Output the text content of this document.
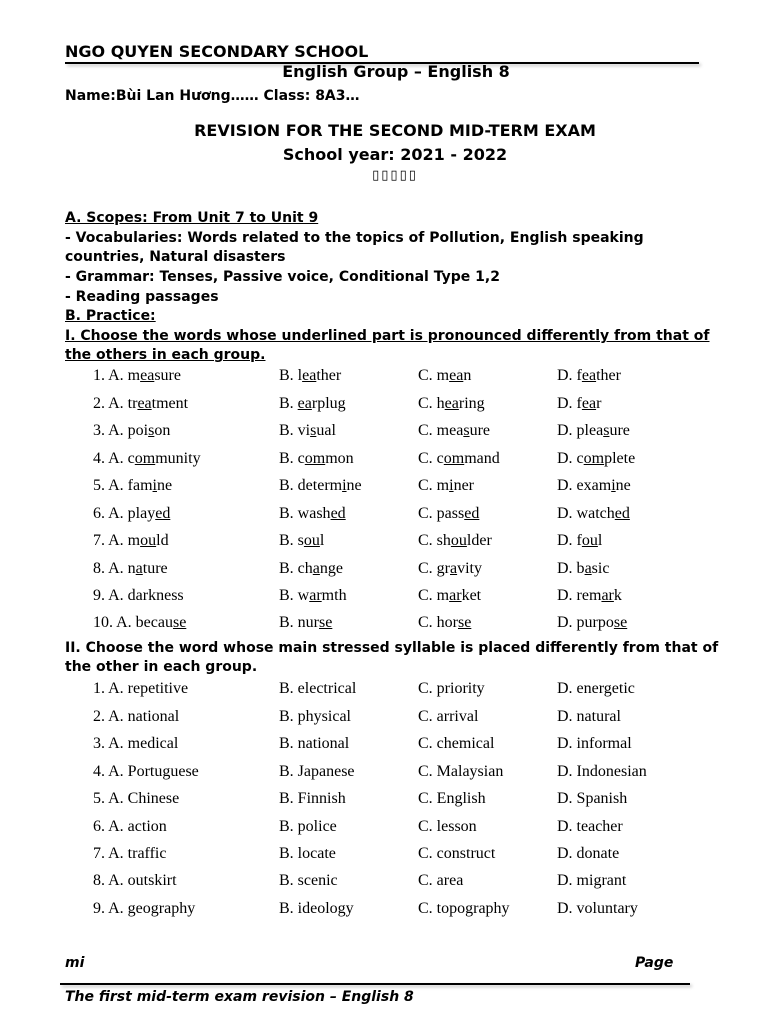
NGO QUYEN SECONDARY SCHOOL
English Group – English 8
Name:Bùi Lan Hương…… Class: 8A3…
REVISION FOR THE SECOND MID-TERM EXAM
School year: 2021 - 2022
▯▯▯▯▯
A. Scopes: From Unit 7 to Unit 9
- Vocabularies: Words related to the topics of Pollution, English speaking countries, Natural disasters
- Grammar: Tenses, Passive voice, Conditional Type 1,2
- Reading passages
B. Practice:
I. Choose the words whose underlined part is pronounced differently from that of the others in each group.
1. A. measure	B. leather	C. mean	D. feather
2. A. treatment	B. earplug	C. hearing	D. fear
3. A. poison	B. visual	C. measure	D. pleasure
4. A. community	B. common	C. command	D. complete
5. A. famine	B. determine	C. miner	D. examine
6. A. played	B. washed	C. passed	D. watched
7. A. mould	B. soul	C. shoulder	D. foul
8. A. nature	B. change	C. gravity	D. basic
9. A. darkness	B. warmth	C. market	D. remark
10. A. because	B. nurse	C. horse	D. purpose
II. Choose the word whose main stressed syllable is placed differently from that of the other in each group.
1. A. repetitive	B. electrical	C. priority	D. energetic
2. A. national	B. physical	C. arrival	D. natural
3. A. medical	B. national	C. chemical	D. informal
4. A. Portuguese	B. Japanese	C. Malaysian	D. Indonesian
5. A. Chinese	B. Finnish	C. English	D. Spanish
6. A. action	B. police	C. lesson	D. teacher
7. A. traffic	B. locate	C. construct	D. donate
8. A. outskirt	B. scenic	C. area	D. migrant
9. A. geography	B. ideology	C. topography	D. voluntary
mi	Page
The first mid-term exam revision – English 8
